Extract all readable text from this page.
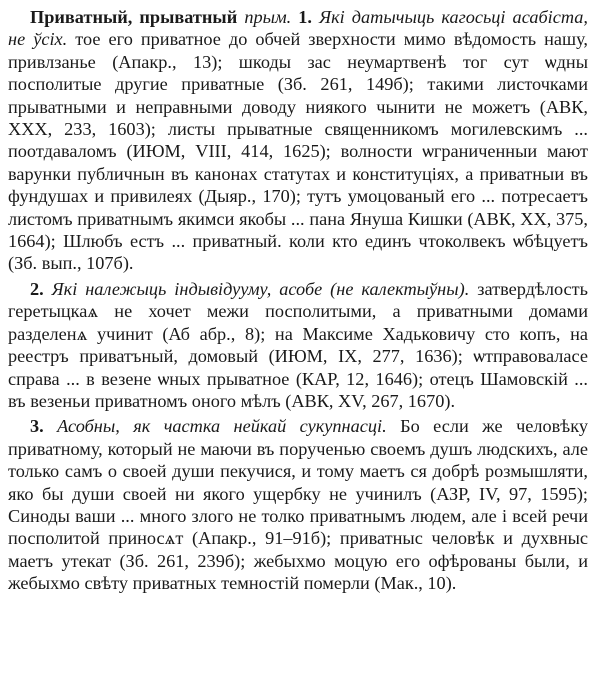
Приватный, прыватный прым. 1. Які датычыць кагосьці асабіста, не ўсіх. тое его приватное до обчей зверхности мимо вѣдомость нашу, привлзанье (Апакр., 13); шкоды зас неумартвенѣ тог сут ѡдны посполитые другие приватные (Зб. 261, 149б); такими листочками прыватными и неправными доводу ниякого чынити не можетъ (АВК, XXX, 233, 1603); листы прыватные священникомъ могилевскимъ ... поотдаваломъ (ИЮМ, VIII, 414, 1625); волности ѡграниченныи мают варунки публичнын въ канонах статутах и конституціях, а приватныи въ фундушах и привилеях (Дыяр., 170); тутъ умоцованый его ... потресаетъ листомъ приватнымъ якимси якобы ... пана Януша Кишки (АВК, XX, 375, 1664); Шлюбъ естъ ... приватный. коли кто единъ чтоколвекъ ѡбѣцуетъ (Зб. вып., 107б).

2. Які належыць індывідууму, асобе (не калектыўны). затвердѣлость геретыцкаѧ не хочет межи посполитыми, а приватными домами разделенѧ учинит (Аб абр., 8); на Максиме Хадьковичу сто копъ, на реестръ приватъный, домовый (ИЮМ, IX, 277, 1636); ѡтправоваласе справа ... в везене ѡных прыватное (КАР, 12, 1646); отецъ Шамовскій ... въ везеньи приватномъ оного мѣлъ (АВК, XV, 267, 1670).

3. Асобны, як частка нейкай сукупнасці. Бо если же человѣку приватному, который не маючи въ порученью своемъ душъ людскихъ, але только самъ о своей души пекучися, и тому маетъ ся добрѣ розмышляти, яко бы души своей ни якого ущербку не учинилъ (АЗР, IV, 97, 1595); Синоды ваши ... много злого не толко приватнымъ людем, але і всей речи посполитой приносѧт (Апакр., 91–91б); приватныс человѣк и духвныс маетъ утекат (Зб. 261, 239б); жебыхмо моцую его офѣрованы были, и жебыхмо свѣту приватных темностій померли (Мак., 10).
